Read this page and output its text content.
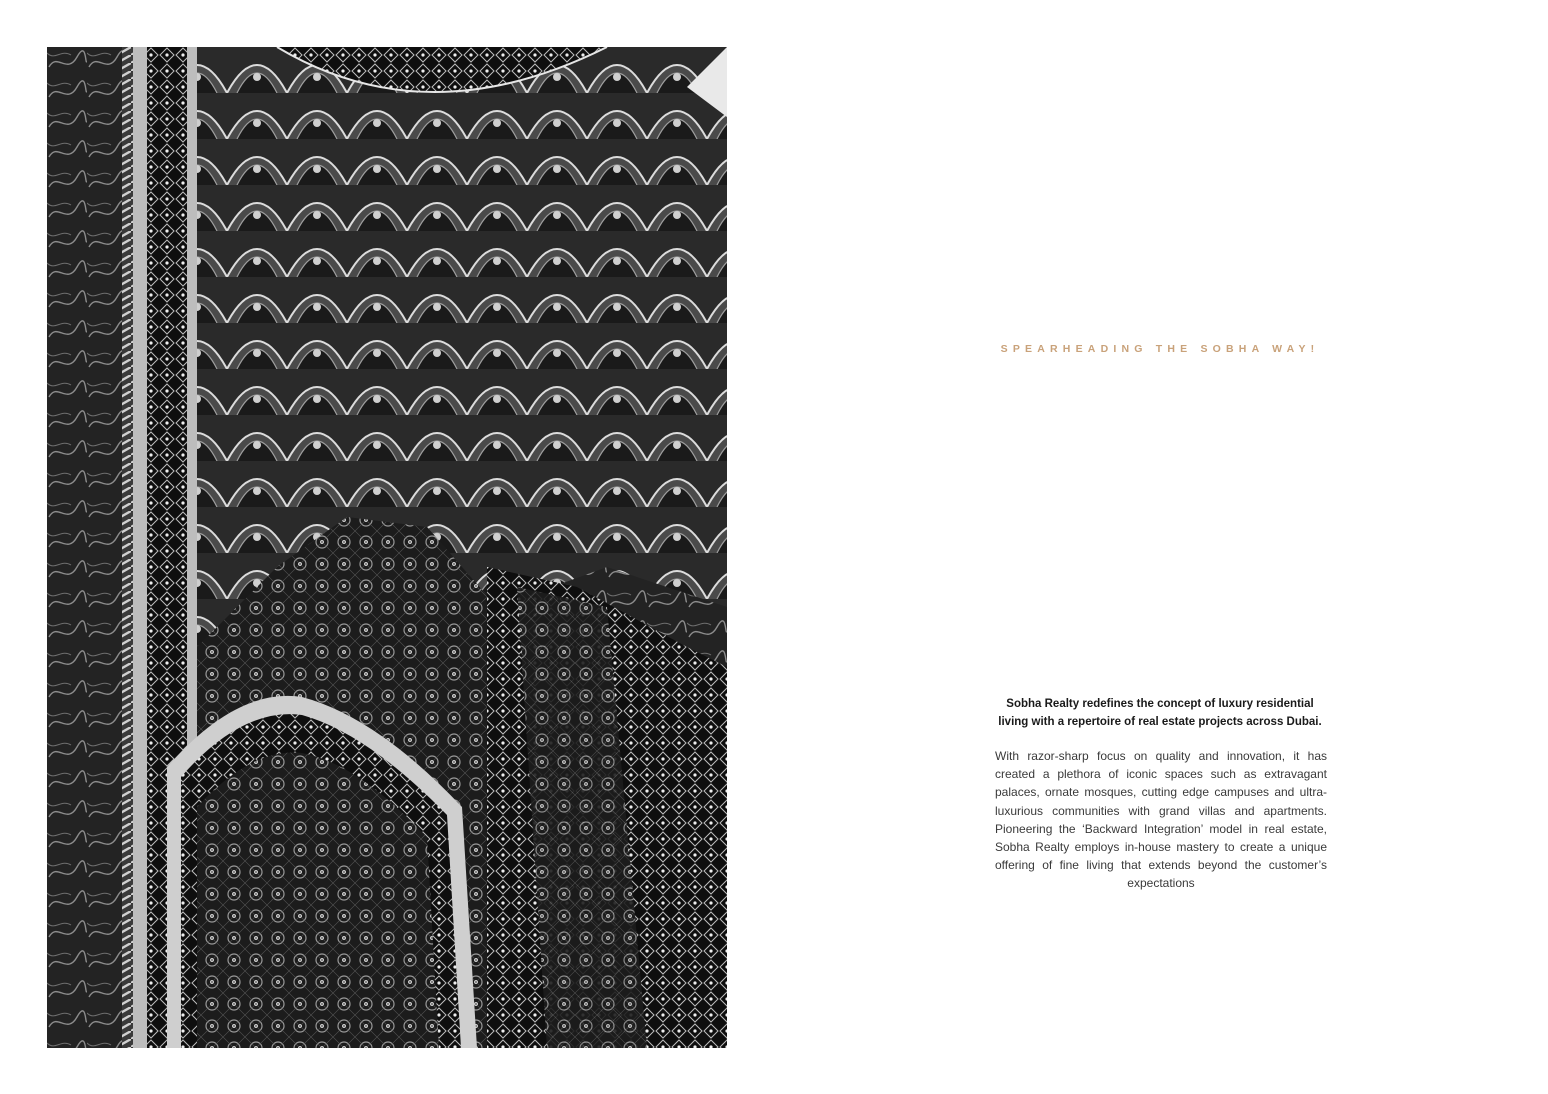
SPEARHEADING THE SOBHA WAY!
Sobha Realty redefines the concept of luxury residential living with a repertoire of real estate projects across Dubai.
With razor-sharp focus on quality and innovation, it has created a plethora of iconic spaces such as extravagant palaces, ornate mosques, cutting edge campuses and ultra-luxurious communities with grand villas and apartments. Pioneering the ‘Backward Integration’ model in real estate, Sobha Realty employs in-house mastery to create a unique offering of fine living that extends beyond the customer’s expectations
